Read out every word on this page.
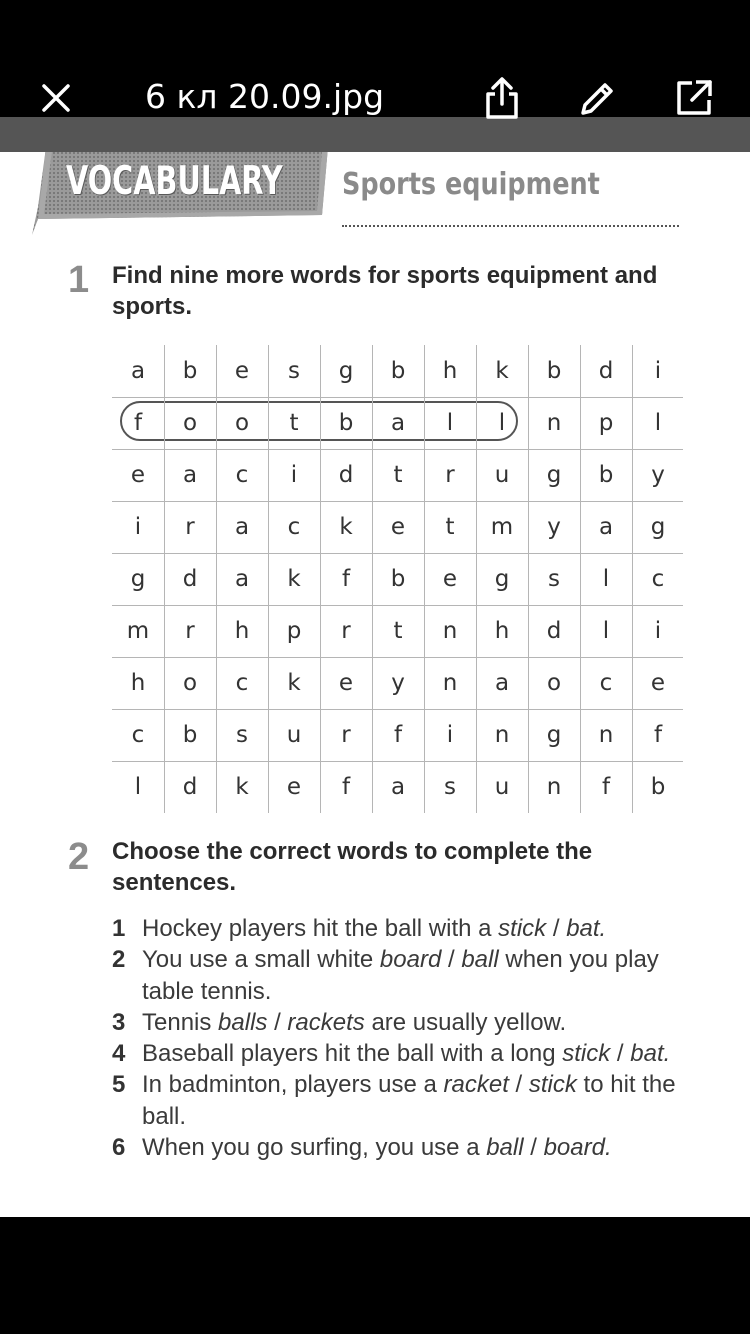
VOCABULARY Sports equipment
1 Find nine more words for sports equipment and sports.
a	b	e	s	g	b	h	k	b	d	i
f	o	o	t	b	a	l	l	n	p	l
e	a	c	i	d	t	r	u	g	b	y
i	r	a	c	k	e	t	m	y	a	g
g	d	a	k	f	b	e	g	s	l	c
m	r	h	p	r	t	n	h	d	l	i
h	o	c	k	e	y	n	a	o	c	e
c	b	s	u	r	f	i	n	g	n	f
l	d	k	e	f	a	s	u	n	f	b
2 Choose the correct words to complete the sentences.
1 Hockey players hit the ball with a stick / bat.
2 You use a small white board / ball when you play table tennis.
3 Tennis balls / rackets are usually yellow.
4 Baseball players hit the ball with a long stick / bat.
5 In badminton, players use a racket / stick to hit the ball.
6 When you go surfing, you use a ball / board.
6 кл 20.09.jpg
